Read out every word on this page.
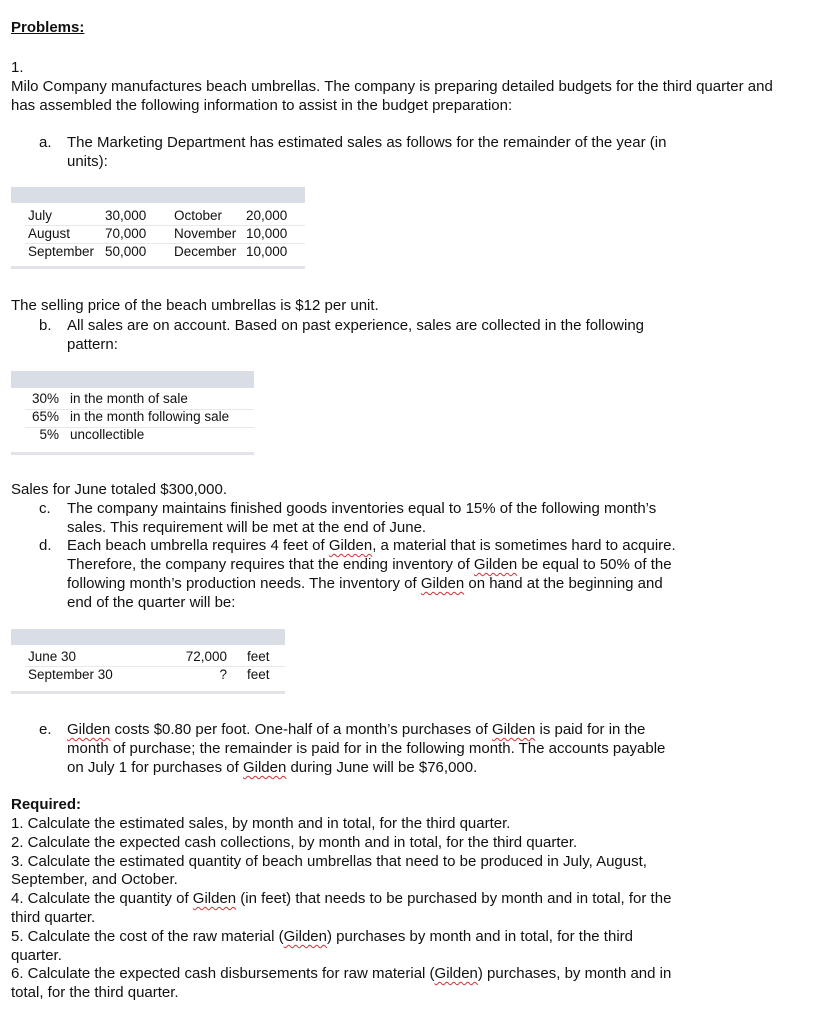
Problems:
1.
Milo Company manufactures beach umbrellas. The company is preparing detailed budgets for the third quarter and has assembled the following information to assist in the budget preparation:
a. The Marketing Department has estimated sales as follows for the remainder of the year (in
units):
July	30,000 October 20,000
August	70,000 November 10,000
September 50,000 December 10,000
The selling price of the beach umbrellas is $12 per unit.
b. All sales are on account. Based on past experience, sales are collected in the following
pattern:
30% in the month of sale
65% in the month following sale
5% uncollectible
Sales for June totaled $300,000.
c. The company maintains finished goods inventories equal to 15% of the following month’s
sales. This requirement will be met at the end of June.
d. Each beach umbrella requires 4 feet of Gilden, a material that is sometimes hard to acquire.
Therefore, the company requires that the ending inventory of Gilden be equal to 50% of the
following month’s production needs. The inventory of Gilden on hand at the beginning and
end of the quarter will be:
June 30	72,000 feet
September 30	? feet
e. Gilden costs $0.80 per foot. One-half of a month’s purchases of Gilden is paid for in the
month of purchase; the remainder is paid for in the following month. The accounts payable
on July 1 for purchases of Gilden during June will be $76,000.
Required:
1. Calculate the estimated sales, by month and in total, for the third quarter.
2. Calculate the expected cash collections, by month and in total, for the third quarter.
3. Calculate the estimated quantity of beach umbrellas that need to be produced in July, August,
September, and October.
4. Calculate the quantity of Gilden (in feet) that needs to be purchased by month and in total, for the
third quarter.
5. Calculate the cost of the raw material (Gilden) purchases by month and in total, for the third
quarter.
6. Calculate the expected cash disbursements for raw material (Gilden) purchases, by month and in
total, for the third quarter.
